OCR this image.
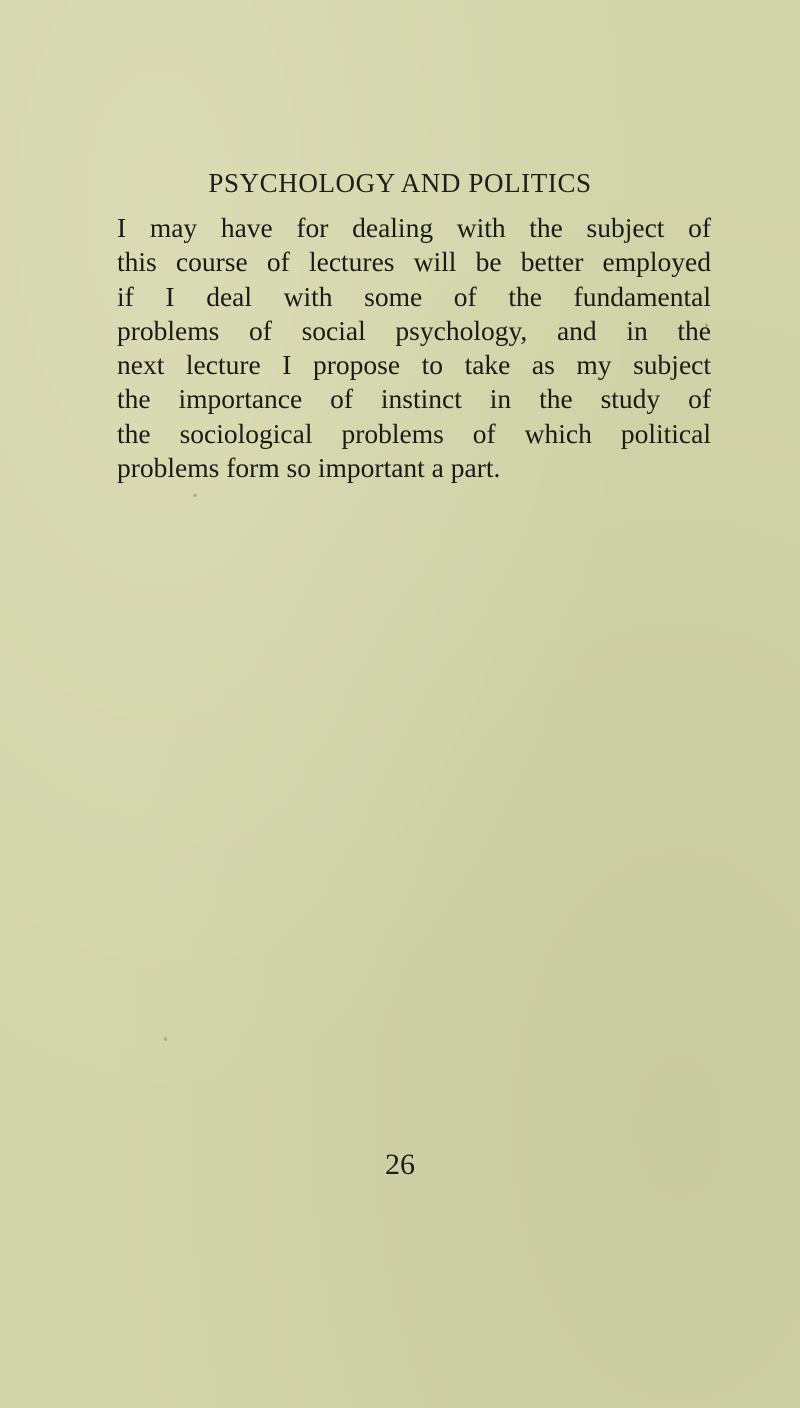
PSYCHOLOGY AND POLITICS
I may have for dealing with the subject of
this course of lectures will be better employed
if I deal with some of the fundamental
problems of social psychology, and in the
next lecture I propose to take as my subject
the importance of instinct in the study of
the sociological problems of which political
problems form so important a part.
26
